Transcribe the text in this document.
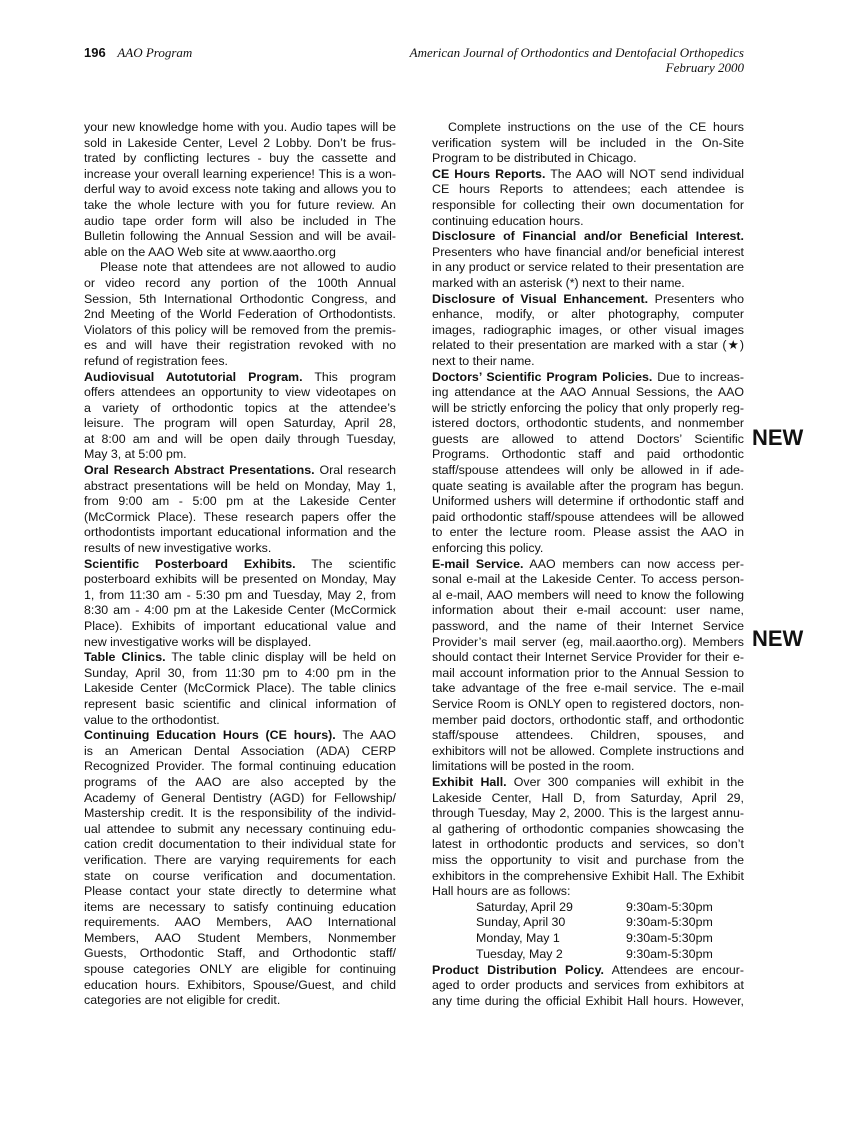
196 AAO Program	American Journal of Orthodontics and Dentofacial Orthopedics
February 2000
your new knowledge home with you. Audio tapes will be
sold in Lakeside Center, Level 2 Lobby. Don’t be frus-
trated by conflicting lectures - buy the cassette and
increase your overall learning experience! This is a won-
derful way to avoid excess note taking and allows you to
take the whole lecture with you for future review. An
audio tape order form will also be included in The
Bulletin following the Annual Session and will be avail-
able on the AAO Web site at www.aaortho.org
Please note that attendees are not allowed to audio
or video record any portion of the 100th Annual
Session, 5th International Orthodontic Congress, and
2nd Meeting of the World Federation of Orthodontists.
Violators of this policy will be removed from the premis-
es and will have their registration revoked with no
refund of registration fees.
Audiovisual Autotutorial Program. This program
offers attendees an opportunity to view videotapes on
a variety of orthodontic topics at the attendee’s
leisure. The program will open Saturday, April 28,
at 8:00 am and will be open daily through Tuesday,
May 3, at 5:00 pm.
Oral Research Abstract Presentations. Oral research
abstract presentations will be held on Monday, May 1,
from 9:00 am - 5:00 pm at the Lakeside Center
(McCormick Place). These research papers offer the
orthodontists important educational information and the
results of new investigative works.
Scientific Posterboard Exhibits. The scientific
posterboard exhibits will be presented on Monday, May
1, from 11:30 am - 5:30 pm and Tuesday, May 2, from
8:30 am - 4:00 pm at the Lakeside Center (McCormick
Place). Exhibits of important educational value and
new investigative works will be displayed.
Table Clinics. The table clinic display will be held on
Sunday, April 30, from 11:30 pm to 4:00 pm in the
Lakeside Center (McCormick Place). The table clinics
represent basic scientific and clinical information of
value to the orthodontist.
Continuing Education Hours (CE hours). The AAO
is an American Dental Association (ADA) CERP
Recognized Provider. The formal continuing education
programs of the AAO are also accepted by the
Academy of General Dentistry (AGD) for Fellowship/
Mastership credit. It is the responsibility of the individ-
ual attendee to submit any necessary continuing edu-
cation credit documentation to their individual state for
verification. There are varying requirements for each
state on course verification and documentation.
Please contact your state directly to determine what
items are necessary to satisfy continuing education
requirements. AAO Members, AAO International
Members, AAO Student Members, Nonmember
Guests, Orthodontic Staff, and Orthodontic staff/
spouse categories ONLY are eligible for continuing
education hours. Exhibitors, Spouse/Guest, and child
categories are not eligible for credit.
Complete instructions on the use of the CE hours
verification system will be included in the On-Site
Program to be distributed in Chicago.
CE Hours Reports. The AAO will NOT send individual
CE hours Reports to attendees; each attendee is
responsible for collecting their own documentation for
continuing education hours.
Disclosure of Financial and/or Beneficial Interest.
Presenters who have financial and/or beneficial interest
in any product or service related to their presentation are
marked with an asterisk (*) next to their name.
Disclosure of Visual Enhancement. Presenters who
enhance, modify, or alter photography, computer
images, radiographic images, or other visual images
related to their presentation are marked with a star (★)
next to their name.
Doctors’ Scientific Program Policies. Due to increas-
ing attendance at the AAO Annual Sessions, the AAO
will be strictly enforcing the policy that only properly reg-
istered doctors, orthodontic students, and nonmember
guests are allowed to attend Doctors’ Scientific
Programs. Orthodontic staff and paid orthodontic
staff/spouse attendees will only be allowed in if ade-
quate seating is available after the program has begun.
Uniformed ushers will determine if orthodontic staff and
paid orthodontic staff/spouse attendees will be allowed
to enter the lecture room. Please assist the AAO in
enforcing this policy.
E-mail Service. AAO members can now access per-
sonal e-mail at the Lakeside Center. To access person-
al e-mail, AAO members will need to know the following
information about their e-mail account: user name,
password, and the name of their Internet Service
Provider’s mail server (eg, mail.aaortho.org). Members
should contact their Internet Service Provider for their e-
mail account information prior to the Annual Session to
take advantage of the free e-mail service. The e-mail
Service Room is ONLY open to registered doctors, non-
member paid doctors, orthodontic staff, and orthodontic
staff/spouse attendees. Children, spouses, and
exhibitors will not be allowed. Complete instructions and
limitations will be posted in the room.
Exhibit Hall. Over 300 companies will exhibit in the
Lakeside Center, Hall D, from Saturday, April 29,
through Tuesday, May 2, 2000. This is the largest annu-
al gathering of orthodontic companies showcasing the
latest in orthodontic products and services, so don’t
miss the opportunity to visit and purchase from the
exhibitors in the comprehensive Exhibit Hall. The Exhibit
Hall hours are as follows:
Saturday, April 29	9:30am-5:30pm
Sunday, April 30	9:30am-5:30pm
Monday, May 1	9:30am-5:30pm
Tuesday, May 2	9:30am-5:30pm
Product Distribution Policy. Attendees are encour-
aged to order products and services from exhibitors at
any time during the official Exhibit Hall hours. However,
NEW
NEW
